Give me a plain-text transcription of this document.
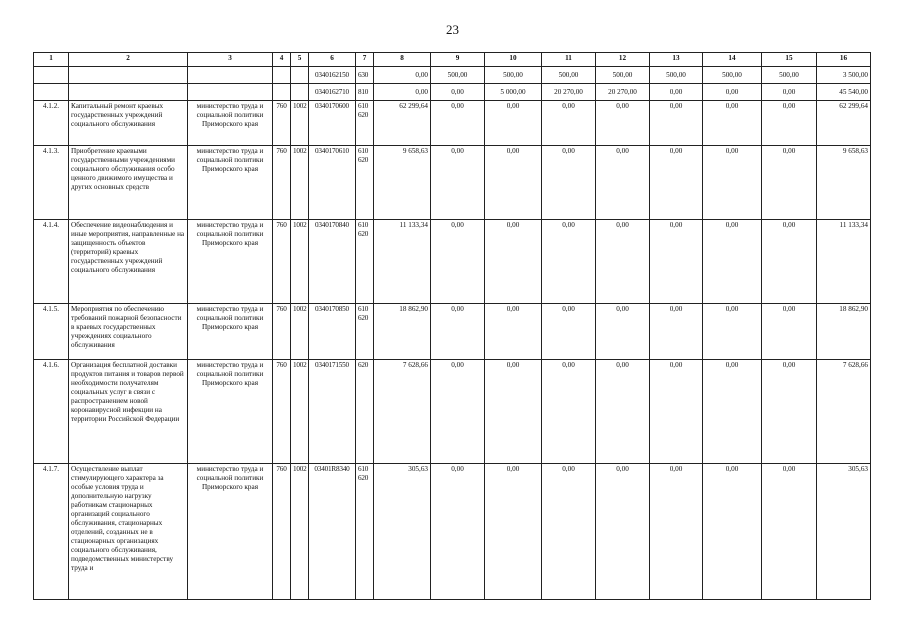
23
1	2	3	4	5	6	7	8	9	10	11	12	13	14	15	16
					0340162150	630	0,00	500,00	500,00	500,00	500,00	500,00	500,00	500,00	3 500,00
					0340162710	810	0,00	0,00	5 000,00	20 270,00	20 270,00	0,00	0,00	0,00	45 540,00
4.1.2.	Капитальный ремонт краевых государственных учреждений социального обслуживания	министерство труда и социальной политики Приморского края	760	1002	0340170600	610 620	62 299,64	0,00	0,00	0,00	0,00	0,00	0,00	0,00	62 299,64
4.1.3.	Приобретение краевыми государственными учреждениями социального обслуживания особо ценного движимого имущества и других основных средств	министерство труда и социальной политики Приморского края	760	1002	0340170610	610 620	9 658,63	0,00	0,00	0,00	0,00	0,00	0,00	0,00	9 658,63
4.1.4.	Обеспечение видеонаблюдения и иные мероприятия, направленные на защищенность объектов (территорий) краевых государственных учреждений социального обслуживания	министерство труда и социальной политики Приморского края	760	1002	0340170840	610 620	11 133,34	0,00	0,00	0,00	0,00	0,00	0,00	0,00	11 133,34
4.1.5.	Мероприятия по обеспечению требований пожарной безопасности в краевых государственных учреждениях социального обслуживания	министерство труда и социальной политики Приморского края	760	1002	0340170850	610 620	18 862,90	0,00	0,00	0,00	0,00	0,00	0,00	0,00	18 862,90
4.1.6.	Организация бесплатной доставки продуктов питания и товаров первой необходимости получателям социальных услуг в связи с распространением новой коронавирусной инфекции на территории Российской Федерации	министерство труда и социальной политики Приморского края	760	1002	0340171550	620	7 628,66	0,00	0,00	0,00	0,00	0,00	0,00	0,00	7 628,66
4.1.7.	Осуществление выплат стимулирующего характера за особые условия труда и дополнительную нагрузку работникам стационарных организаций социального обслуживания, стационарных отделений, созданных не в стационарных организациях социального обслуживания, подведомственных министерству труда и	министерство труда и социальной политики Приморского края	760	1002	03401R8340	610 620	305,63	0,00	0,00	0,00	0,00	0,00	0,00	0,00	305,63
